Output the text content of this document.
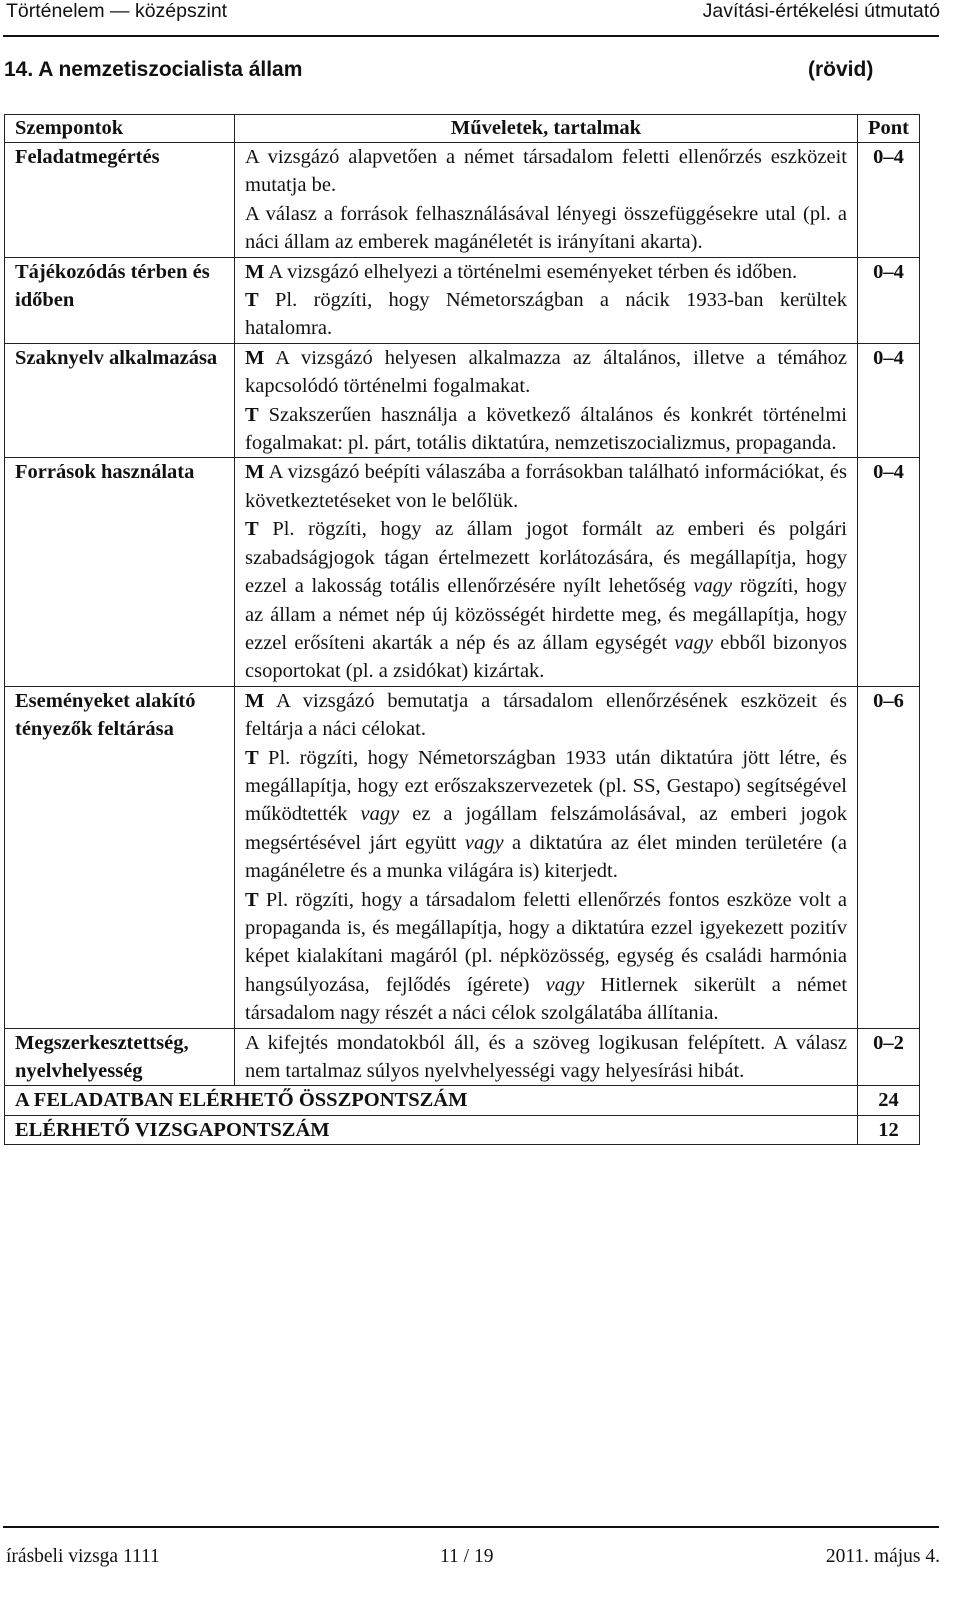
Történelem — középszint	Javítási-értékelési útmutató
14. A nemzetiszocialista állam	(rövid)
Szempontok	Műveletek, tartalmak	Pont
Feladatmegértés	A vizsgázó alapvetően a német társadalom feletti ellenőrzés eszközeit mutatja be.

A válasz a források felhasználásával lényegi összefüggésekre utal (pl. a náci állam az emberek magánéletét is irányítani akarta).	0–4
Tájékozódás térben és időben	M A vizsgázó elhelyezi a történelmi eseményeket térben és időben.

T Pl. rögzíti, hogy Németországban a nácik 1933-ban kerültek hatalomra.	0–4
Szaknyelv alkalmazása	M A vizsgázó helyesen alkalmazza az általános, illetve a témához kapcsolódó történelmi fogalmakat.

T Szakszerűen használja a következő általános és konkrét történelmi fogalmakat: pl. párt, totális diktatúra, nemzetiszocializmus, propaganda.	0–4
Források használata	M A vizsgázó beépíti válaszába a forrásokban található információkat, és következtetéseket von le belőlük.

T Pl. rögzíti, hogy az állam jogot formált az emberi és polgári szabadságjogok tágan értelmezett korlátozására, és megállapítja, hogy ezzel a lakosság totális ellenőrzésére nyílt lehetőség vagy rögzíti, hogy az állam a német nép új közösségét hirdette meg, és megállapítja, hogy ezzel erősíteni akarták a nép és az állam egységét vagy ebből bizonyos csoportokat (pl. a zsidókat) kizártak.	0–4
Eseményeket alakító tényezők feltárása	M A vizsgázó bemutatja a társadalom ellenőrzésének eszközeit és feltárja a náci célokat.

T Pl. rögzíti, hogy Németországban 1933 után diktatúra jött létre, és megállapítja, hogy ezt erőszakszervezetek (pl. SS, Gestapo) segítségével működtették vagy ez a jogállam felszámolásával, az emberi jogok megsértésével járt együtt vagy a diktatúra az élet minden területére (a magánéletre és a munka világára is) kiterjedt.

T Pl. rögzíti, hogy a társadalom feletti ellenőrzés fontos eszköze volt a propaganda is, és megállapítja, hogy a diktatúra ezzel igyekezett pozitív képet kialakítani magáról (pl. népközösség, egység és családi harmónia hangsúlyozása, fejlődés ígérete) vagy Hitlernek sikerült a német társadalom nagy részét a náci célok szolgálatába állítania.	0–6
Megszerkesztettség, nyelvhelyesség	A kifejtés mondatokból áll, és a szöveg logikusan felépített. A válasz nem tartalmaz súlyos nyelvhelyességi vagy helyesírási hibát.	0–2
A FELADATBAN ELÉRHETŐ ÖSSZPONTSZÁM		24
ELÉRHETŐ VIZSGAPONTSZÁM		12
írásbeli vizsga 1111	11 / 19	2011. május 4.
